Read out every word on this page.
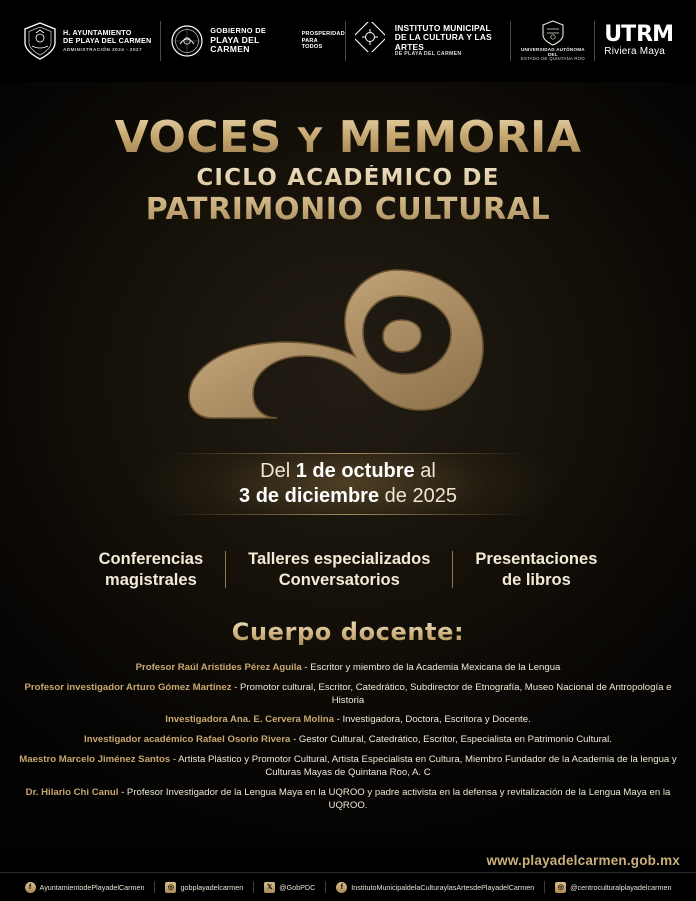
H. AYUNTAMIENTO
DE PLAYA DEL CARMEN
ADMINISTRACIÓN 2024 - 2027
GOBIERNO DE
PLAYA DEL CARMEN
PROSPERIDAD
PARA
TODOS
INSTITUTO MUNICIPAL
DE LA CULTURA Y LAS ARTES
DE PLAYA DEL CARMEN
UNIVERSIDAD AUTÓNOMA DEL
ESTADO DE QUINTANA ROO
UT RM
Riviera Maya
VOCES Y MEMORIA
CICLO ACADÉMICO DE
PATRIMONIO CULTURAL
Del 1 de octubre al
3 de diciembre de 2025
Conferencias
magistrales
Talleres especializados
Conversatorios
Presentaciones
de libros
Cuerpo docente:
Profesor Raúl Arístides Pérez Aguila - Escritor y miembro de la Academia Mexicana de la Lengua
Profesor investigador Arturo Gómez Martínez - Promotor cultural, Escritor, Catedrático, Subdirector de Etnografía, Museo Nacional de Antropología e Historia
Investigadora Ana. E. Cervera Molina - Investigadora, Doctora, Escritora y Docente.
Investigador académico Rafael Osorio Rivera - Gestor Cultural, Catedrático, Escritor, Especialista en Patrimonio Cultural.
Maestro Marcelo Jiménez Santos - Artista Plástico y Promotor Cultural, Artista Especialista en Cultura, Miembro Fundador de la Academia de la lengua y Culturas Mayas de Quintana Roo, A. C
Dr. Hilario Chi Canul - Profesor Investigador de la Lengua Maya en la UQROO y padre activista en la defensa y revitalización de la Lengua Maya en la UQROO.
www.playadelcarmen.gob.mx
f	AyuntamientodePlayadelCarmen	◎ gobplayadelcarmen	𝕏 @GobPDC	f	InstitutoMunicipaldelaCulturaylasArtesdePlayadelCarmen	◎ @centroculturalplayadelcarmen
